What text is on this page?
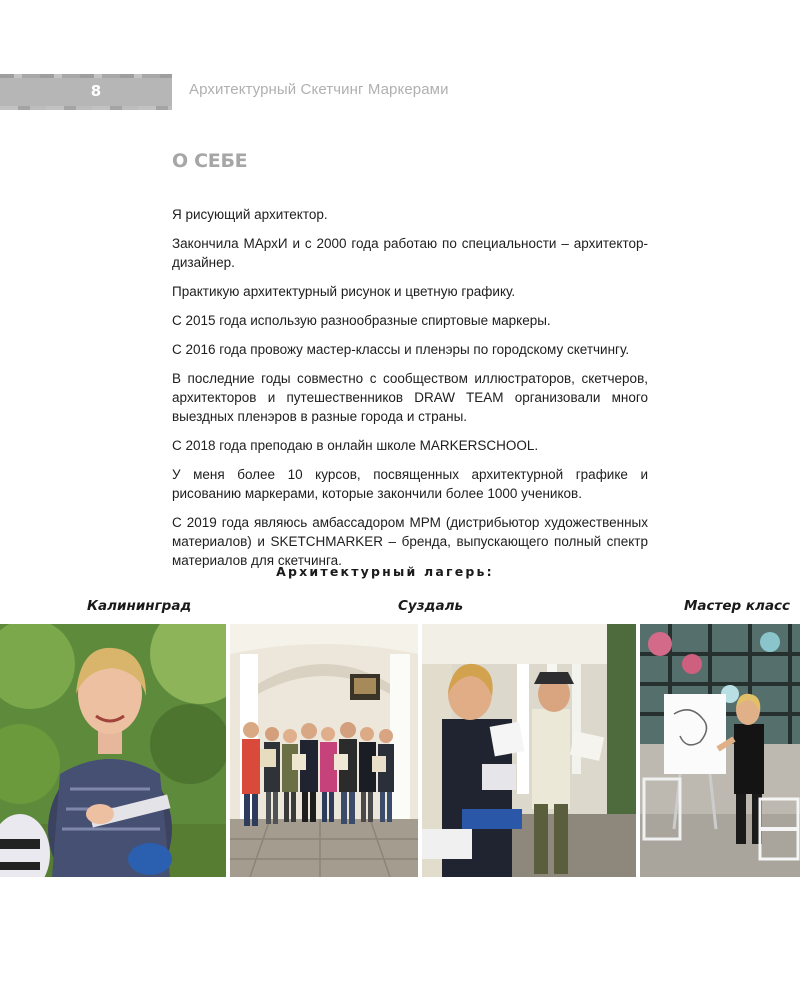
8	Архитектурный Скетчинг Маркерами
О СЕБЕ

Я рисующий архитектор.

Закончила МАрхИ и с 2000 года работаю по специальности – архитектор-дизайнер.

Практикую архитектурный рисунок и цветную графику.

С 2015 года использую разнообразные спиртовые маркеры.

С 2016 года провожу мастер-классы и пленэры по городскому скетчингу.

В последние годы совместно с сообществом иллюстраторов, скетчеров, архитекторов и путешественников DRAW TEAM организовали много выездных пленэров в разные города и страны.

С 2018 года преподаю в онлайн школе MARKERSCHOOL.

У меня более 10 курсов, посвященных архитектурной графике и рисованию маркерами, которые закончили более 1000 учеников.

С 2019 года являюсь амбассадором МРМ (дистрибьютор художественных материалов) и SKETCHMARKER – бренда, выпускающего полный спектр материалов для скетчинга.

Архитектурный лагерь:
Калининград	Суздаль	Мастер класс
